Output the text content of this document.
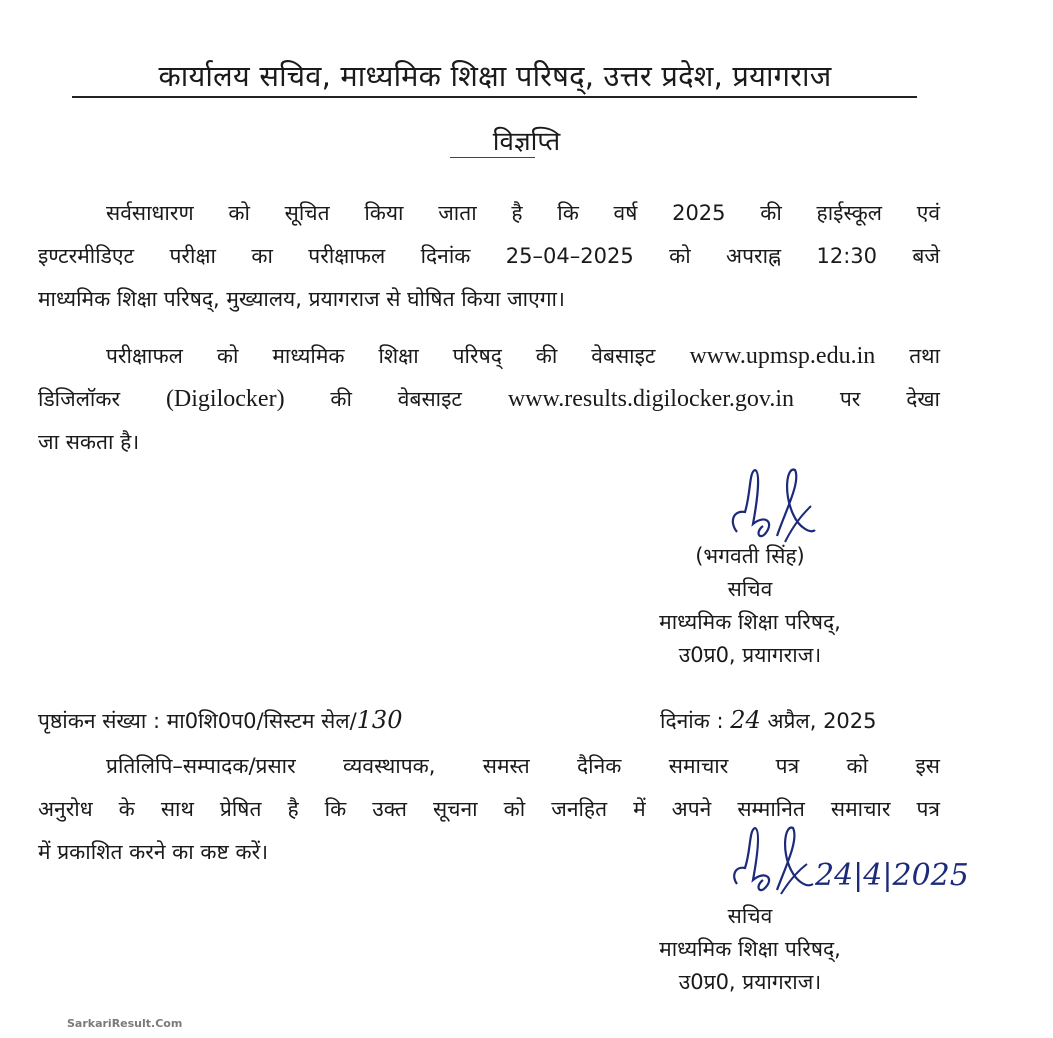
कार्यालय सचिव, माध्यमिक शिक्षा परिषद्, उत्तर प्रदेश, प्रयागराज
विज्ञप्ति
सर्वसाधारण को सूचित किया जाता है कि वर्ष 2025 की हाईस्कूल एवं
इण्टरमीडिएट परीक्षा का परीक्षाफल दिनांक 25–04–2025 को अपराह्न 12:30 बजे
माध्यमिक शिक्षा परिषद्, मुख्यालय, प्रयागराज से घोषित किया जाएगा।
परीक्षाफल को माध्यमिक शिक्षा परिषद् की वेबसाइट www.upmsp.edu.in तथा
डिजिलॉकर (Digilocker) की वेबसाइट www.results.digilocker.gov.in पर देखा
जा सकता है।
(भगवती सिंह)
सचिव
माध्यमिक शिक्षा परिषद्,
उ0प्र0, प्रयागराज।
पृष्ठांकन संख्या : मा0शि0प0/सिस्टम सेल/130	दिनांक : 24 अप्रैल, 2025
प्रतिलिपि–सम्पादक/प्रसार व्यवस्थापक, समस्त दैनिक समाचार पत्र को इस
अनुरोध के साथ प्रेषित है कि उक्त सूचना को जनहित में अपने सम्मानित समाचार पत्र
में प्रकाशित करने का कष्ट करें।
24|4|2025
सचिव
माध्यमिक शिक्षा परिषद्,
उ0प्र0, प्रयागराज।
SarkariResult.Com
